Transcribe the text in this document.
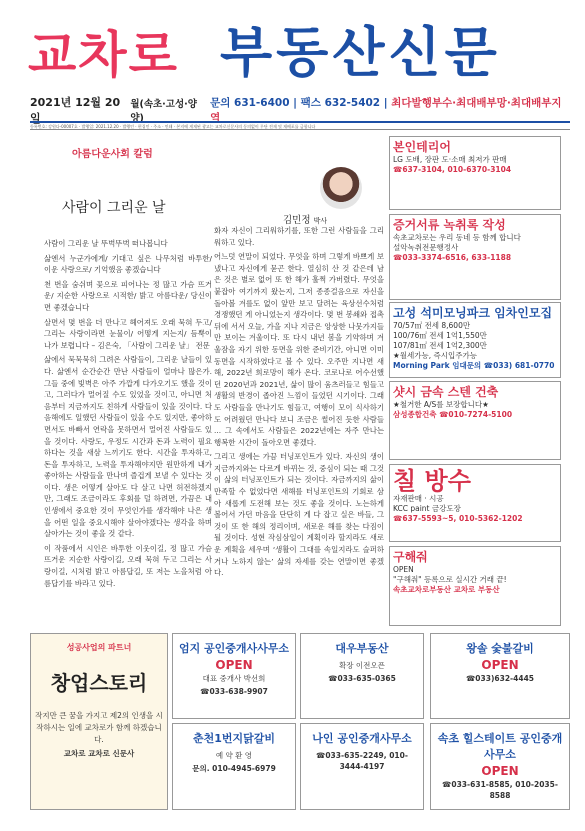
교차로 부동산신문
2021년 12월 20일
월(속초·고성·양양)
문의 631-6400 | 팩스 632-5402 | 최다발행부수·최대배부망·최대배부지역
등록번호: 강원다-00007호 · 발행일: 2021.12.20 · 발행인 · 편집인 · 주소 · 인쇄 · 본지에 게재된 광고는 교차로신문사의 동의없이 무단 전재 및 재배포를 금합니다
아름다운사회 칼럼
사람이 그리운 날
김민정 박사

사람이 그리운 날 뚜벅뚜벅 떠나봅니다

삶엔서 누군가에게/ 기대고 싶은 나무처럼 바투한/ 이운 사랑으로/ 기억했음 좋겠습니다

천 번을 숨쉬며 꽃으로 피어나는 정 많고 가슴 뜨거운/ 지순한 사랑으로 시적한/ 밝고 아름다운/ 당신이면 좋겠습니다

살면서 몇 번을 더 만나고 헤어져도 오래 묵혀 두고/ 그리는 사랑이라면 눈물이/ 어떻게 지는지/ 듬뿍이 나가 보렵니다 – 김은숙, 「사람이 그리운 날」 전문

삶에서 묵묵묵히 그려온 사람들이, 그리운 날들이 있다. 삶엔서 순간순간 만난 사람들이 얼마나 많은가. 그들 중에 빛벽은 아주 가깝게 다가오기도 했을 것이고, 그러다가 멀어질 수도 있었을 것이고, 아니면 처음부터 지금까지도 친하게 사람들이 있을 것이다. 다음해에도 일했던 사람들이 있을 수도 있지만, 좋아하면서도 바빠서 연락을 못하면서 멀어진 사람들도 있을 것이다. 사랑도, 우정도 시간과 돈과 노력이 필요하다는 것을 새삼 느끼기도 한다. 시간을 투자하고, 돈을 투자하고, 노력을 투자해야지만 원만하게 내가 좋아하는 사람들을 만나며 즐겁게 보낼 수 있다는 것이다. 생은 어떻게 살아도 다 살고 나면 허전하겠지만, 그래도 조금이라도 후회를 덜 하려면, 가끔은 내 인생에서 중요한 것이 무엇인가를 생각해야 나은 생을 어떤 일을 중요시해야 살아야겠다는 생각을 하며 살아가는 것이 좋을 것 같다.

이 작품에서 시인은 바투한 이웃이길, 정 많고 가슴 뜨거운 지순한 사랑이길, 오래 묵혀 두고 그리는 사랑이길, 시처럼 밝고 아름답길, 또 저는 노을처럼 아름답기를 바라고 있다.

화자 자신이 그리워하기를, 또한 그런 사람들을 그리워하고 있다.

어느덧 연말이 되었다. 무엇을 하며 그렇게 바쁘게 보냈나고 자신에게 묻곤 한다. 열심히 산 것 같은데 남은 것은 별로 없어 또 한 해가 훌쩍 가버렸다. 무엇을 붙잡아 여기까지 왔는지, 그저 종종걸음으로 자신을 돌아볼 겨를도 없이 앞만 보고 달려는 육상선수처럼 경쟁했던 게 아니었는지 생각이다. 몇 번 봉쇄와 접촉 뒤에 서서 오늘, 가을 지나 지금은 앙상한 나뭇가지들만 보이는 겨울이다. 또 다시 내년 봄을 기약하며 겨울잠을 자기 위한 동면을 위한 준비기간, 아니면 이미 동면을 시작하였다고 볼 수 있다. 오주만 지나면 새해, 2022년 희로망이 해가 온다. 코로나로 어수선했던 2020년과 2021년, 삶이 많이 움츠러들고 힘들고 생활의 반경이 좁아진 느낌이 들었던 시기이다. 그래도 사람들을 만나기도 힘들고, 여행이 모이 식사하기도 어려웠던 만나다 보니 조금은 썰어진 듯한 사람들 ... 그 속에서도 사람들은 2022년에는 자주 만나는 행복한 시간이 돌아오면 좋겠다.

그리고 생에는 가끔 터닝포인트가 있다. 자신의 생이 지금까지와는 다르게 바뀌는 것, 중심이 되는 때 그것이 삶의 터닝포인트가 되는 것이다. 자금까지의 삶이 만족할 수 없었다면 새해를 터닝포인트의 기회로 삼아 새롭게 도전해 보는 것도 좋을 것이다. 노는하게 볼어서 가던 마음을 단단히 게 다 잡고 실은 바들, 그것이 또 한 해의 정리이며, 새로운 해를 찾는 다짐이 될 것이다. 성현 작심삼일이 계획이라 할지라도 새로운 계획을 세우며 ‘생활이 그대를 속일지라도 슬퍼하거나 노하지 않는’ 삶의 자세를 갖는 연말이면 좋겠다.

본인테리어
LG 도배, 장판 도·소매 최저가 판매
☎637-3104, 010-6370-3104
증거서류 녹취록 작성
속초교차로는 우리 동네 등 함께 합니다
설악녹취전문행정사
☎033-3374-6516, 633-1188
고성 석미모닝파크 임차인모집
70/57㎡ 전세 8,600만
100/76㎡ 전세 1억1,550만
107/81㎡ 전세 1억2,300만
★월세가능, 즉시입주가능
Morning Park 임대문의 ☎033) 681-0770
샷시 금속 스텐 건축
★철거한 A/S를 보장합니다★
삼성종합건축 ☎010-7274-5100
칠 방수
자재판매 · 시공
KCC paint 금강도장
☎637-5593~5, 010-5362-1202
구해줘
OPEN
"구해줘" 등록으로 실시간 거래 끝!
속초교차로부동산 교차로 부동산
성공사업의 파트너
창업스토리
작지만 큰 꿈을 가지고 제2의 인생을 시작하시는 일에 교차로가 함께 하겠습니다.
교차로 교차로 신문사
엄지 공인중개사사무소
OPEN
대표 중개사 박선희
☎033-638-9907
대우부동산
확장 이전오픈
☎033-635-0365
왕솔 숯불갈비
OPEN
☎033)632-4445
춘천1번지닭갈비
예 약 환 영
문의. 010-4945-6979
나인 공인중개사무소
☎033-635-2249, 010-3444-4197
속초 힐스테이트 공인중개사무소
OPEN
☎033-631-8585, 010-2035-8588
